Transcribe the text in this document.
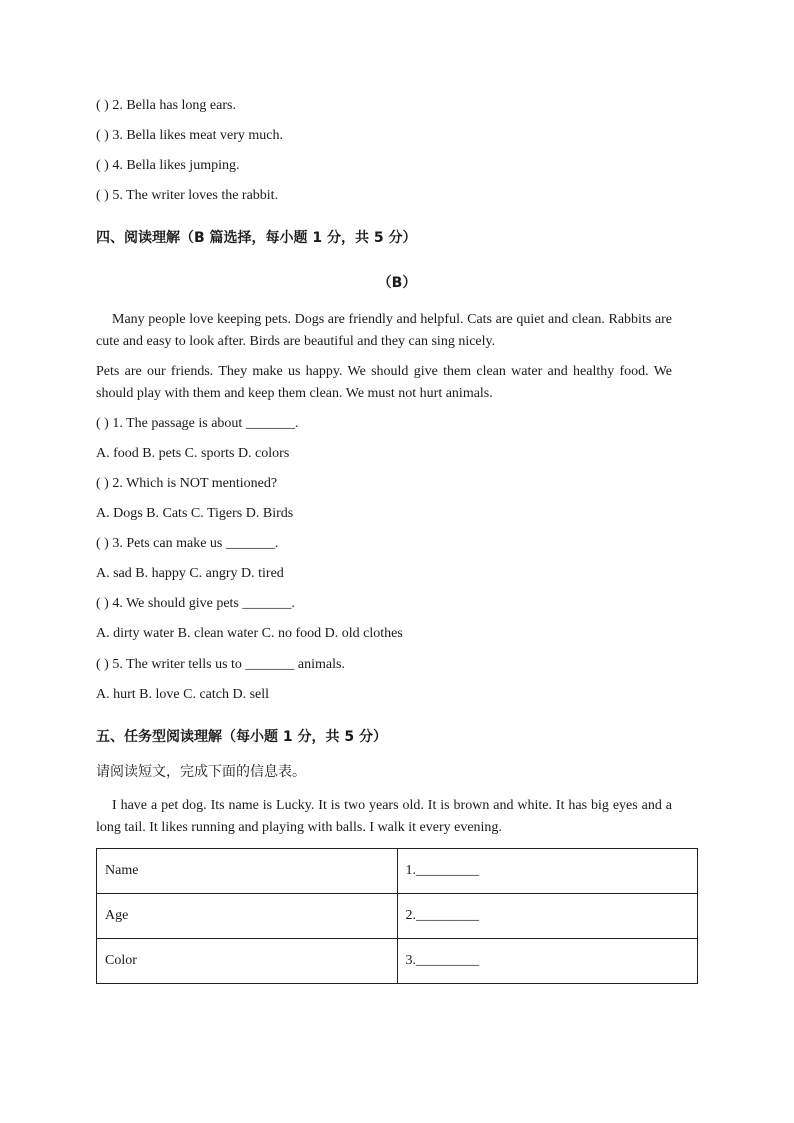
( ) 2. Bella has long ears.
( ) 3. Bella likes meat very much.
( ) 4. Bella likes jumping.
( ) 5. The writer loves the rabbit.
四、阅读理解（B 篇选择，每小题 1 分，共 5 分）
（B）

Many people love keeping pets. Dogs are friendly and helpful. Cats are quiet and clean. Rabbits are cute and easy to look after. Birds are beautiful and they can sing nicely.

Pets are our friends. They make us happy. We should give them clean water and healthy food. We should play with them and keep them clean. We must not hurt animals.

( ) 1. The passage is about _______.
A. food B. pets C. sports D. colors
( ) 2. Which is NOT mentioned?
A. Dogs B. Cats C. Tigers D. Birds
( ) 3. Pets can make us _______.
A. sad B. happy C. angry D. tired
( ) 4. We should give pets _______.
A. dirty water B. clean water C. no food D. old clothes
( ) 5. The writer tells us to _______ animals.
A. hurt B. love C. catch D. sell
五、任务型阅读理解（每小题 1 分，共 5 分）
请阅读短文，完成下面的信息表。
I have a pet dog. Its name is Lucky. It is two years old. It is brown and white. It has big eyes and a long tail. It likes running and playing with balls. I walk it every evening.
Name	1._________
Age	2._________
Color	3._________
